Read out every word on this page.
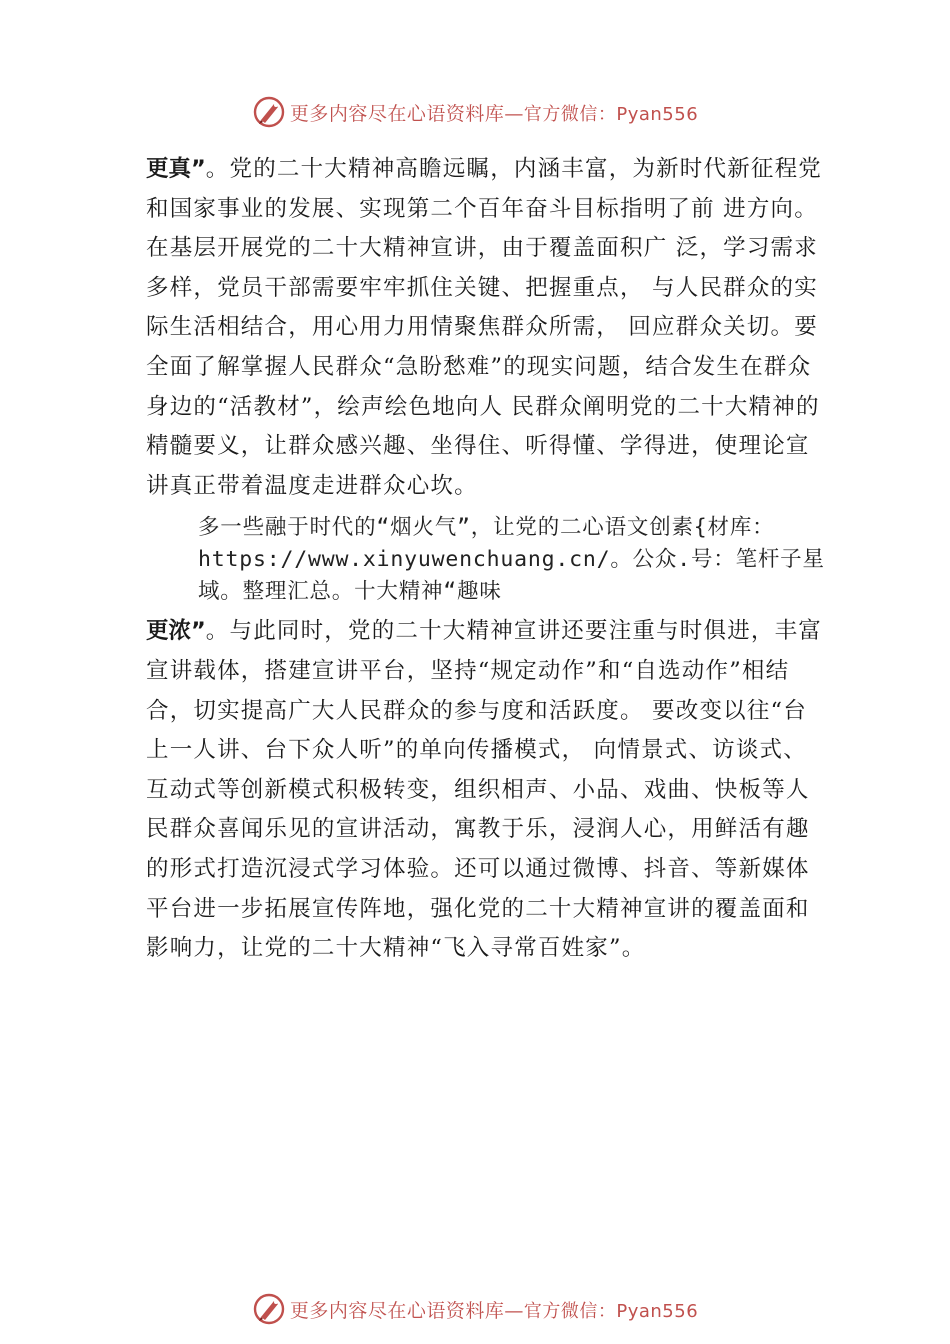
更多内容尽在心语资料库—官方微信：Pyan556

更真”。党的二十大精神高瞻远瞩，内涵丰富，为新时代新征程党和国家事业的发展、实现第二个百年奋斗目标指明了前 进方向。在基层开展党的二十大精神宣讲，由于覆盖面积广 泛，学习需求多样，党员干部需要牢牢抓住关键、把握重点， 与人民群众的实际生活相结合，用心用力用情聚焦群众所需， 回应群众关切。要全面了解掌握人民群众“急盼愁难”的现实问题，结合发生在群众身边的“活教材”，绘声绘色地向人 民群众阐明党的二十大精神的精髓要义，让群众感兴趣、坐得住、听得懂、学得进，使理论宣讲真正带着温度走进群众心坎。

多一些融于时代的“烟火气”，让党的二心语文创素{材库：https://www.xinyuwenchuang.cn/。公众.号：笔杆子星域。整理汇总。十大精神“趣味

更浓”。与此同时，党的二十大精神宣讲还要注重与时俱进，丰富宣讲载体，搭建宣讲平台，坚持“规定动作”和“自选动作”相结合，切实提高广大人民群众的参与度和活跃度。 要改变以往“台上一人讲、台下众人听”的单向传播模式， 向情景式、访谈式、互动式等创新模式积极转变，组织相声、小品、戏曲、快板等人民群众喜闻乐见的宣讲活动，寓教于乐，浸润人心，用鲜活有趣的形式打造沉浸式学习体验。还可以通过微博、抖音、等新媒体平台进一步拓展宣传阵地，强化党的二十大精神宣讲的覆盖面和影响力，让党的二十大精神“飞入寻常百姓家”。

更多内容尽在心语资料库—官方微信：Pyan556
